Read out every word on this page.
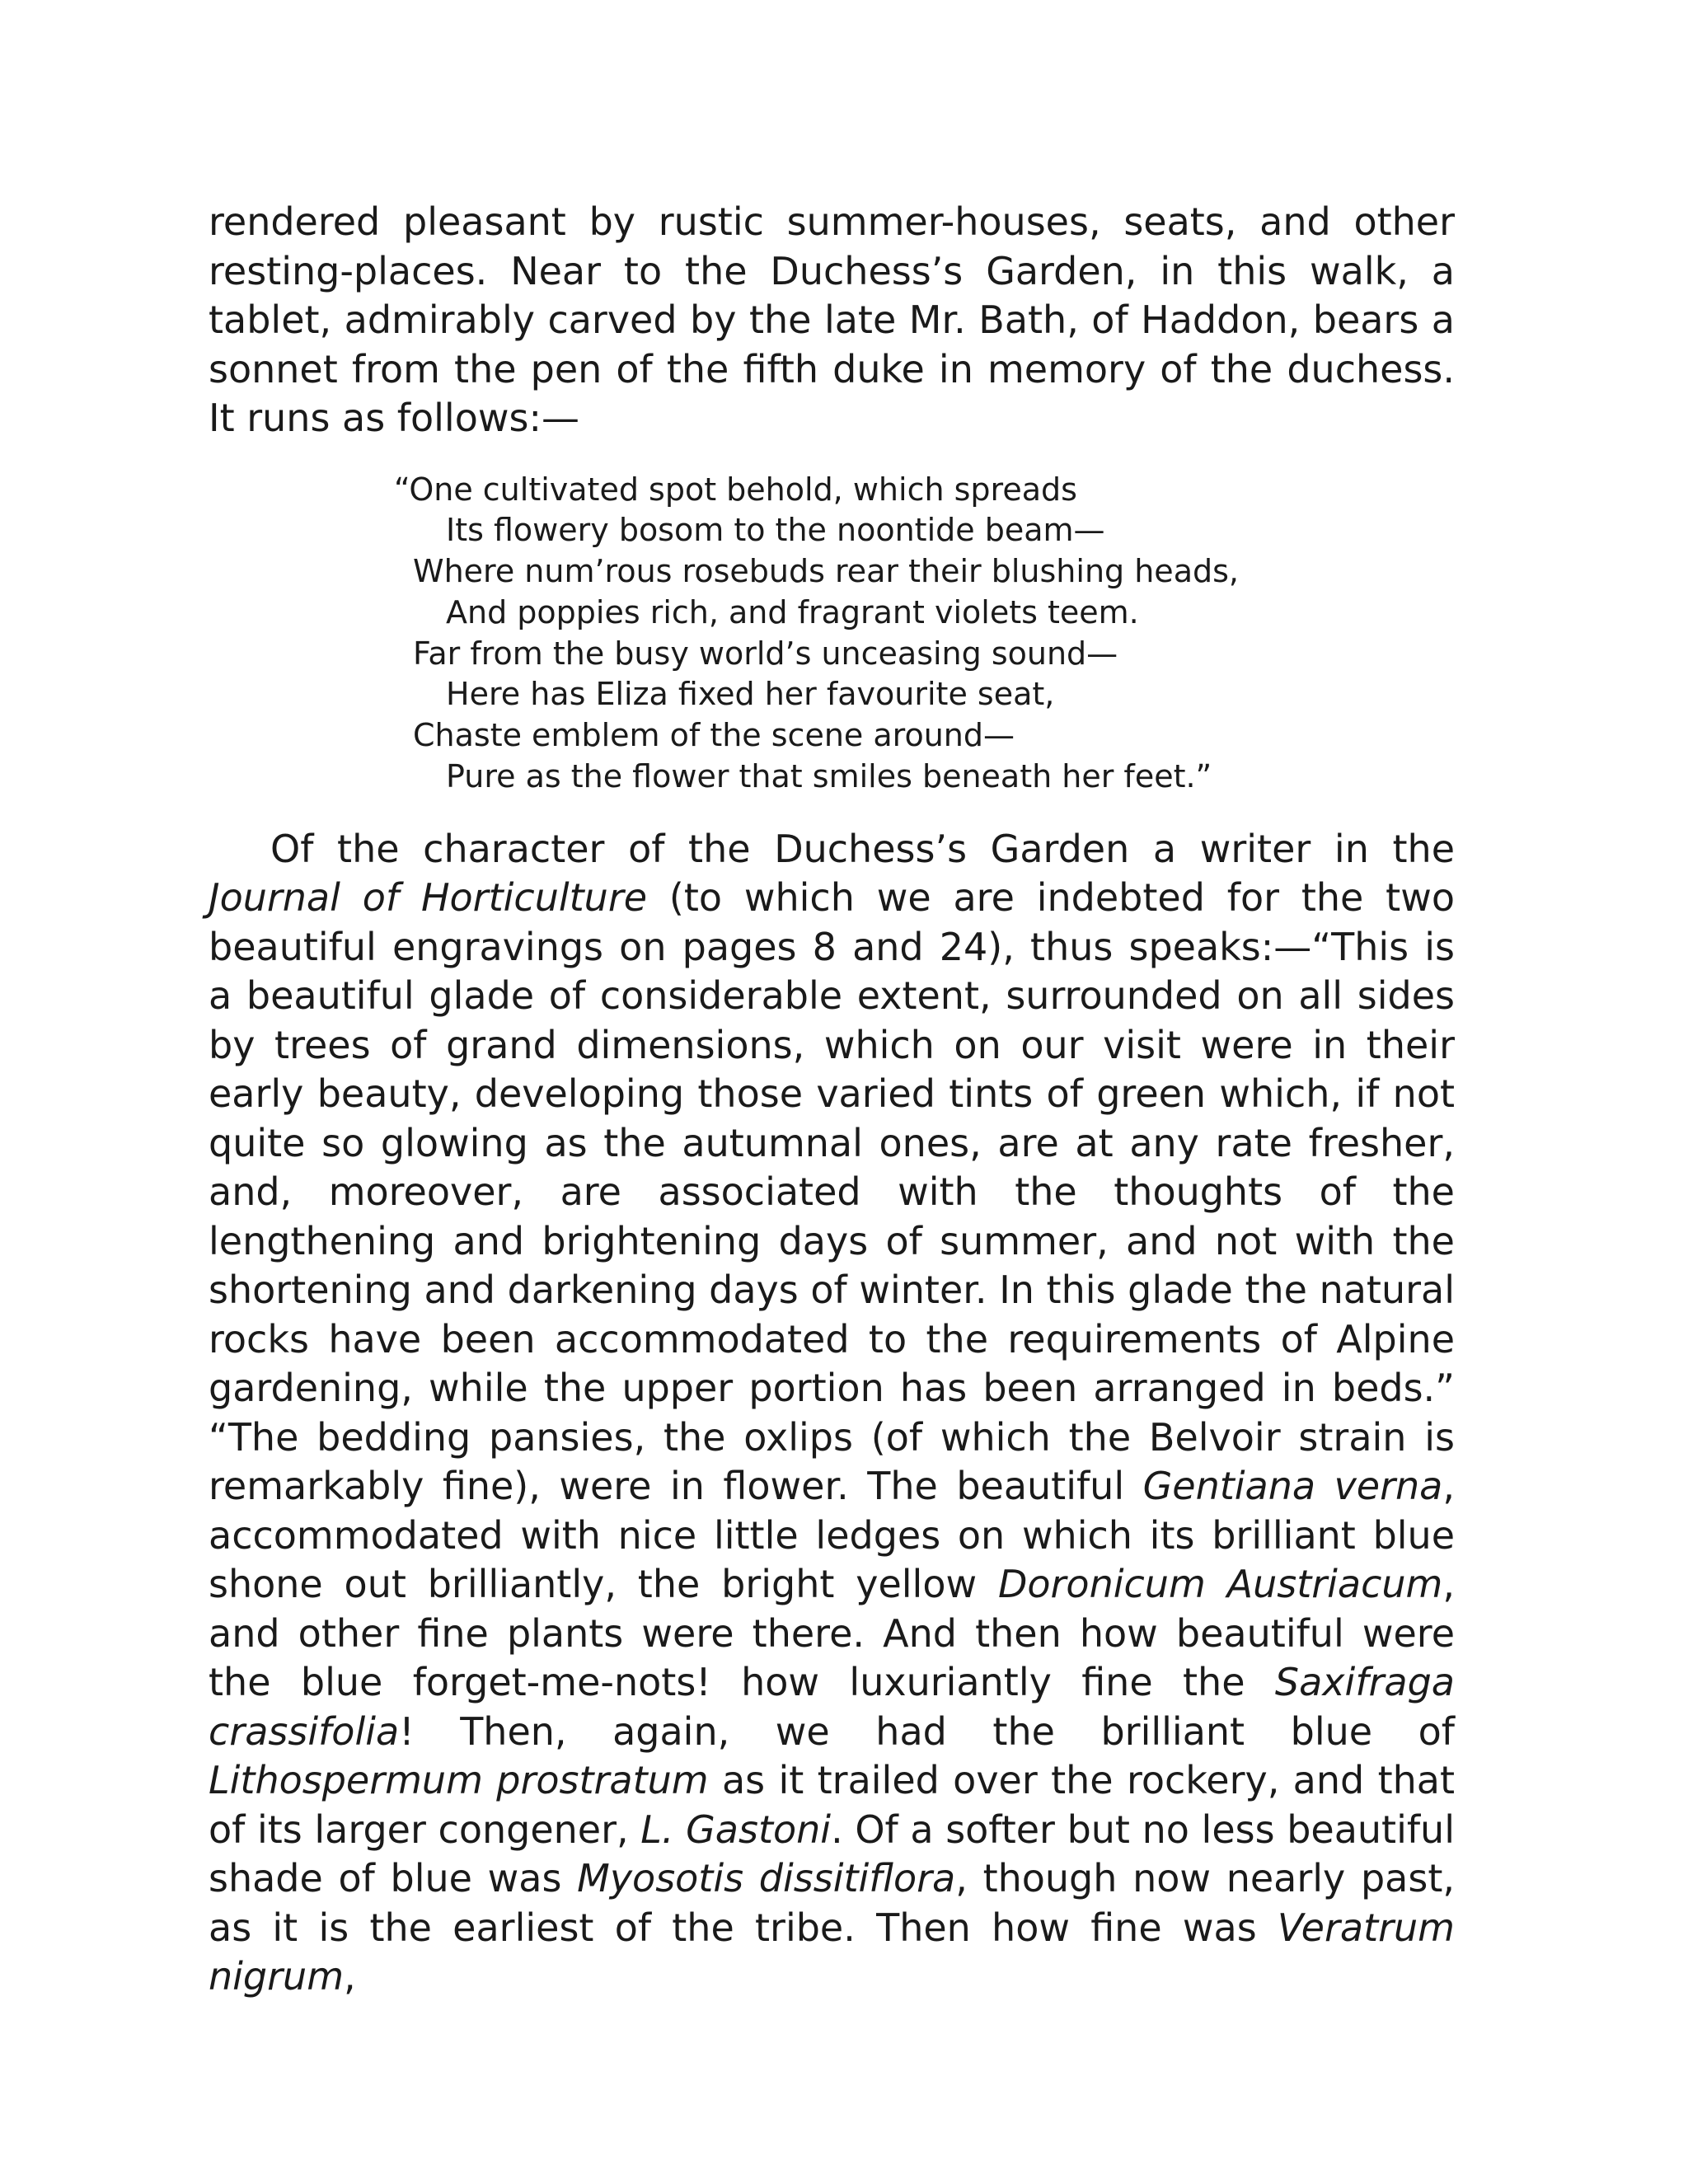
rendered pleasant by rustic summer-houses, seats, and other resting-places. Near to the Duchess’s Garden, in this walk, a tablet, admirably carved by the late Mr. Bath, of Haddon, bears a sonnet from the pen of the fifth duke in memory of the duchess. It runs as follows:—

“One cultivated spot behold, which spreads
Its flowery bosom to the noontide beam—
Where num’rous rosebuds rear their blushing heads,
And poppies rich, and fragrant violets teem.
Far from the busy world’s unceasing sound—
Here has Eliza fixed her favourite seat,
Chaste emblem of the scene around—
Pure as the flower that smiles beneath her feet.”

Of the character of the Duchess’s Garden a writer in the Journal of Horticulture (to which we are indebted for the two beautiful engravings on pages 8 and 24), thus speaks:—“This is a beautiful glade of considerable extent, surrounded on all sides by trees of grand dimensions, which on our visit were in their early beauty, developing those varied tints of green which, if not quite so glowing as the autumnal ones, are at any rate fresher, and, moreover, are associated with the thoughts of the lengthening and brightening days of summer, and not with the shortening and darkening days of winter. In this glade the natural rocks have been accommodated to the requirements of Alpine gardening, while the upper portion has been arranged in beds.” “The bedding pansies, the oxlips (of which the Belvoir strain is remarkably fine), were in flower. The beautiful Gentiana verna, accommodated with nice little ledges on which its brilliant blue shone out brilliantly, the bright yellow Doronicum Austriacum, and other fine plants were there. And then how beautiful were the blue forget-me-nots! how luxuriantly fine the Saxifraga crassifolia! Then, again, we had the brilliant blue of Lithospermum prostratum as it trailed over the rockery, and that of its larger congener, L. Gastoni. Of a softer but no less beautiful shade of blue was Myosotis dissitiflora, though now nearly past, as it is the earliest of the tribe. Then how fine was Veratrum nigrum,
